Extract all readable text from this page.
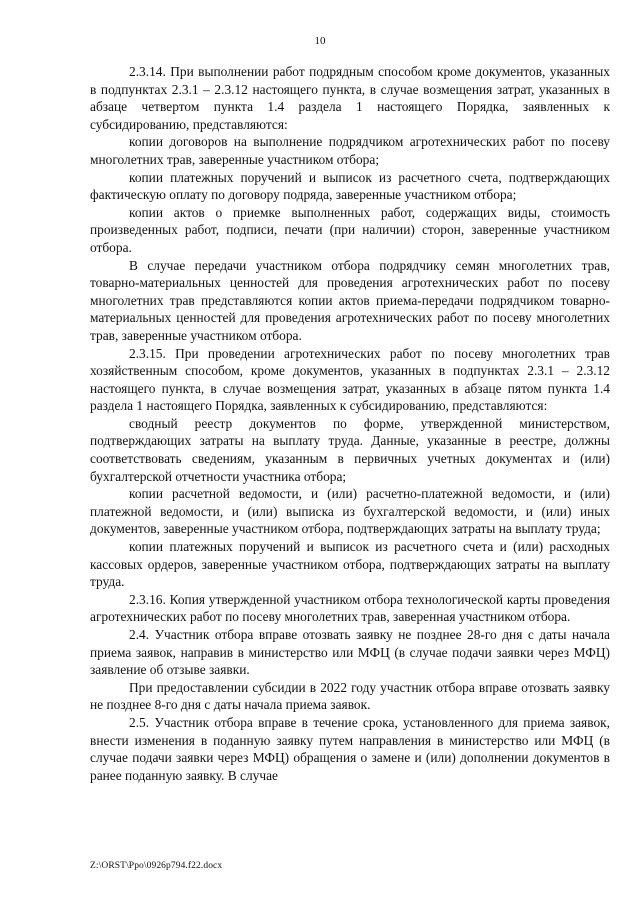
10

2.3.14. При выполнении работ подрядным способом кроме документов, указанных в подпунктах 2.3.1 – 2.3.12 настоящего пункта, в случае возмещения затрат, указанных в абзаце четвертом пункта 1.4 раздела 1 настоящего Порядка, заявленных к субсидированию, представляются:

копии договоров на выполнение подрядчиком агротехнических работ по посеву многолетних трав, заверенные участником отбора;

копии платежных поручений и выписок из расчетного счета, подтверждающих фактическую оплату по договору подряда, заверенные участником отбора;

копии актов о приемке выполненных работ, содержащих виды, стоимость произведенных работ, подписи, печати (при наличии) сторон, заверенные участником отбора.

В случае передачи участником отбора подрядчику семян многолетних трав, товарно-материальных ценностей для проведения агротехнических работ по посеву многолетних трав представляются копии актов приема-передачи подрядчиком товарно-материальных ценностей для проведения агротехнических работ по посеву многолетних трав, заверенные участником отбора.

2.3.15. При проведении агротехнических работ по посеву многолетних трав хозяйственным способом, кроме документов, указанных в подпунктах 2.3.1 – 2.3.12 настоящего пункта, в случае возмещения затрат, указанных в абзаце пятом пункта 1.4 раздела 1 настоящего Порядка, заявленных к субсидированию, представляются:

сводный реестр документов по форме, утвержденной министерством, подтверждающих затраты на выплату труда. Данные, указанные в реестре, должны соответствовать сведениям, указанным в первичных учетных документах и (или) бухгалтерской отчетности участника отбора;

копии расчетной ведомости, и (или) расчетно-платежной ведомости, и (или) платежной ведомости, и (или) выписка из бухгалтерской ведомости, и (или) иных документов, заверенные участником отбора, подтверждающих затраты на выплату труда;

копии платежных поручений и выписок из расчетного счета и (или) расходных кассовых ордеров, заверенные участником отбора, подтверждающих затраты на выплату труда.

2.3.16. Копия утвержденной участником отбора технологической карты проведения агротехнических работ по посеву многолетних трав, заверенная участником отбора.

2.4. Участник отбора вправе отозвать заявку не позднее 28-го дня с даты начала приема заявок, направив в министерство или МФЦ (в случае подачи заявки через МФЦ) заявление об отзыве заявки.

При предоставлении субсидии в 2022 году участник отбора вправе отозвать заявку не позднее 8-го дня с даты начала приема заявок.

2.5. Участник отбора вправе в течение срока, установленного для приема заявок, внести изменения в поданную заявку путем направления в министерство или МФЦ (в случае подачи заявки через МФЦ) обращения о замене и (или) дополнении документов в ранее поданную заявку. В случае

Z:\ORST\Ppo\0926p794.f22.docx
